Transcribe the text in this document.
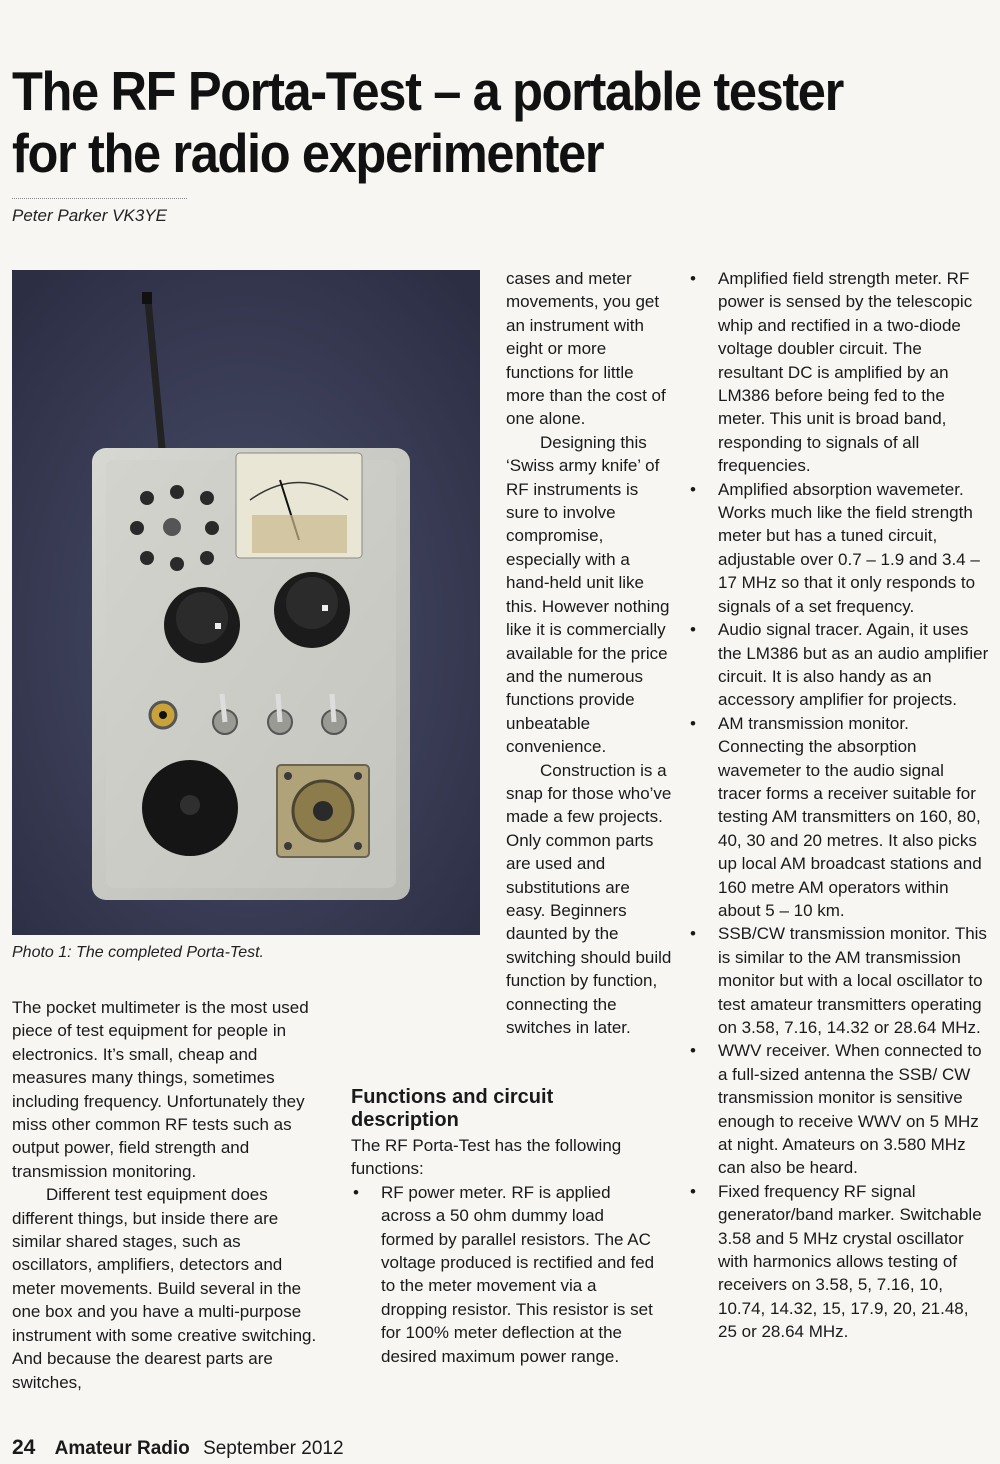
The RF Porta-Test – a portable tester
for the radio experimenter

Peter Parker VK3YE

Photo 1: The completed Porta-Test.

The pocket multimeter is the most used piece of test equipment for people in electronics. It’s small, cheap and measures many things, sometimes including frequency. Unfortunately they miss other common RF tests such as output power, field strength and transmission monitoring.

Different test equipment does different things, but inside there are similar shared stages, such as oscillators, amplifiers, detectors and meter movements. Build several in the one box and you have a multi-purpose instrument with some creative switching. And because the dearest parts are switches,

cases and meter movements, you get an instrument with eight or more functions for little more than the cost of one alone.

Designing this ‘Swiss army knife’ of RF instruments is sure to involve compromise, especially with a hand-held unit like this. However nothing like it is commercially available for the price and the numerous functions provide unbeatable convenience.

Construction is a snap for those who’ve made a few projects. Only common parts are used and substitutions are easy. Beginners daunted by the switching should build function by function, connecting the switches in later.

Functions and circuit description

The RF Porta-Test has the following functions:

• RF power meter. RF is applied across a 50 ohm dummy load formed by parallel resistors. The AC voltage produced is rectified and fed to the meter movement via a dropping resistor. This resistor is set for 100% meter deflection at the desired maximum power range.
• Amplified field strength meter. RF power is sensed by the telescopic whip and rectified in a two-diode voltage doubler circuit. The resultant DC is amplified by an LM386 before being fed to the meter. This unit is broad band, responding to signals of all frequencies.
• Amplified absorption wavemeter. Works much like the field strength meter but has a tuned circuit, adjustable over 0.7 – 1.9 and 3.4 – 17 MHz so that it only responds to signals of a set frequency.
• Audio signal tracer. Again, it uses the LM386 but as an audio amplifier circuit. It is also handy as an accessory amplifier for projects.
• AM transmission monitor. Connecting the absorption wavemeter to the audio signal tracer forms a receiver suitable for testing AM transmitters on 160, 80, 40, 30 and 20 metres. It also picks up local AM broadcast stations and 160 metre AM operators within about 5 – 10 km.
• SSB/CW transmission monitor. This is similar to the AM transmission monitor but with a local oscillator to test amateur transmitters operating on 3.58, 7.16, 14.32 or 28.64 MHz.
• WWV receiver. When connected to a full-sized antenna the SSB/ CW transmission monitor is sensitive enough to receive WWV on 5 MHz at night. Amateurs on 3.580 MHz can also be heard.
• Fixed frequency RF signal generator/band marker. Switchable 3.58 and 5 MHz crystal oscillator with harmonics allows testing of receivers on 3.58, 5, 7.16, 10, 10.74, 14.32, 15, 17.9, 20, 21.48, 25 or 28.64 MHz.

24 Amateur Radio September 2012
